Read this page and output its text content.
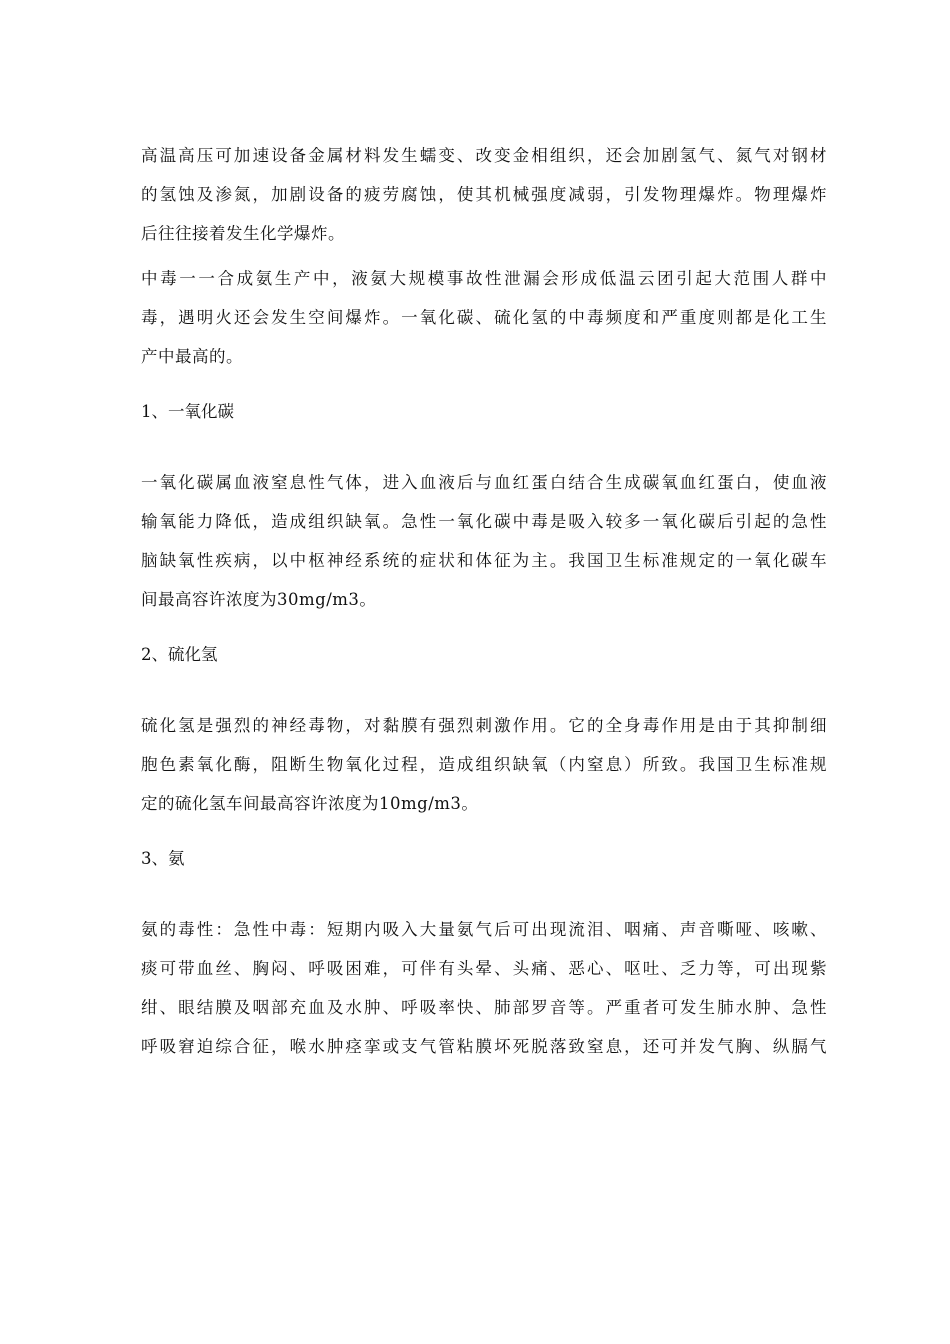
高温高压可加速设备金属材料发生蠕变、改变金相组织，还会加剧氢气、氮气对钢材
的氢蚀及渗氮，加剧设备的疲劳腐蚀，使其机械强度减弱，引发物理爆炸。物理爆炸
后往往接着发生化学爆炸。

中毒一一合成氨生产中，液氨大规模事故性泄漏会形成低温云团引起大范围人群中
毒，遇明火还会发生空间爆炸。一氧化碳、硫化氢的中毒频度和严重度则都是化工生
产中最高的。

1、一氧化碳

一氧化碳属血液窒息性气体，进入血液后与血红蛋白结合生成碳氧血红蛋白，使血液
输氧能力降低，造成组织缺氧。急性一氧化碳中毒是吸入较多一氧化碳后引起的急性
脑缺氧性疾病，以中枢神经系统的症状和体征为主。我国卫生标准规定的一氧化碳车
间最高容许浓度为30mg/m3。

2、硫化氢

硫化氢是强烈的神经毒物，对黏膜有强烈刺激作用。它的全身毒作用是由于其抑制细
胞色素氧化酶，阻断生物氧化过程，造成组织缺氧（内窒息）所致。我国卫生标准规
定的硫化氢车间最高容许浓度为10mg/m3。

3、氨

氨的毒性：急性中毒：短期内吸入大量氨气后可出现流泪、咽痛、声音嘶哑、咳嗽、
痰可带血丝、胸闷、呼吸困难，可伴有头晕、头痛、恶心、呕吐、乏力等，可出现紫
绀、眼结膜及咽部充血及水肿、呼吸率快、肺部罗音等。严重者可发生肺水肿、急性
呼吸窘迫综合征，喉水肿痉挛或支气管粘膜坏死脱落致窒息，还可并发气胸、纵膈气
